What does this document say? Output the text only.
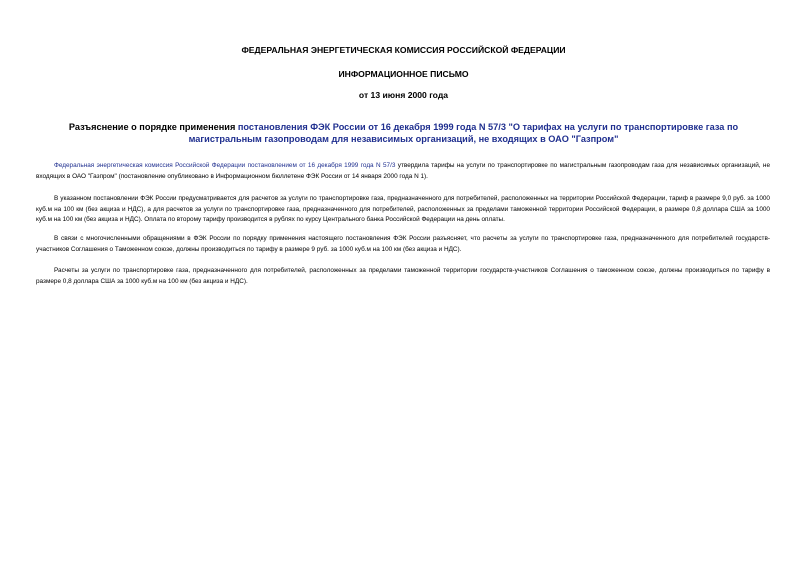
ФЕДЕРАЛЬНАЯ ЭНЕРГЕТИЧЕСКАЯ КОМИССИЯ РОССИЙСКОЙ ФЕДЕРАЦИИ
ИНФОРМАЦИОННОЕ ПИСЬМО
от 13 июня 2000 года
Разъяснение о порядке применения постановления ФЭК России от 16 декабря 1999 года N 57/3 "О тарифах на услуги по транспортировке газа по магистральным газопроводам для независимых организаций, не входящих в ОАО "Газпром"

Федеральная энергетическая комиссия Российской Федерации постановлением от 16 декабря 1999 года N 57/3 утвердила тарифы на услуги по транспортировке по магистральным газопроводам газа для независимых организаций, не входящих в ОАО "Газпром" (постановление опубликовано в Информационном бюллетене ФЭК России от 14 января 2000 года N 1).

В указанном постановлении ФЭК России предусматривается для расчетов за услуги по транспортировке газа, предназначенного для потребителей, расположенных на территории Российской Федерации, тариф в размере 9,0 руб. за 1000 куб.м на 100 км (без акциза и НДС), а для расчетов за услуги по транспортировке газа, предназначенного для потребителей, расположенных за пределами таможенной территории Российской Федерации, в размере 0,8 доллара США за 1000 куб.м на 100 км (без акциза и НДС). Оплата по второму тарифу производится в рублях по курсу Центрального банка Российской Федерации на день оплаты.

В связи с многочисленными обращениями в ФЭК России по порядку применения настоящего постановления ФЭК России разъясняет, что расчеты за услуги по транспортировке газа, предназначенного для потребителей государств-участников Соглашения о Таможенном союзе, должны производиться по тарифу в размере 9 руб. за 1000 куб.м на 100 км (без акциза и НДС).

Расчеты за услуги по транспортировке газа, предназначенного для потребителей, расположенных за пределами таможенной территории государств-участников Соглашения о таможенном союзе, должны производиться по тарифу в размере 0,8 доллара США за 1000 куб.м на 100 км (без акциза и НДС).
